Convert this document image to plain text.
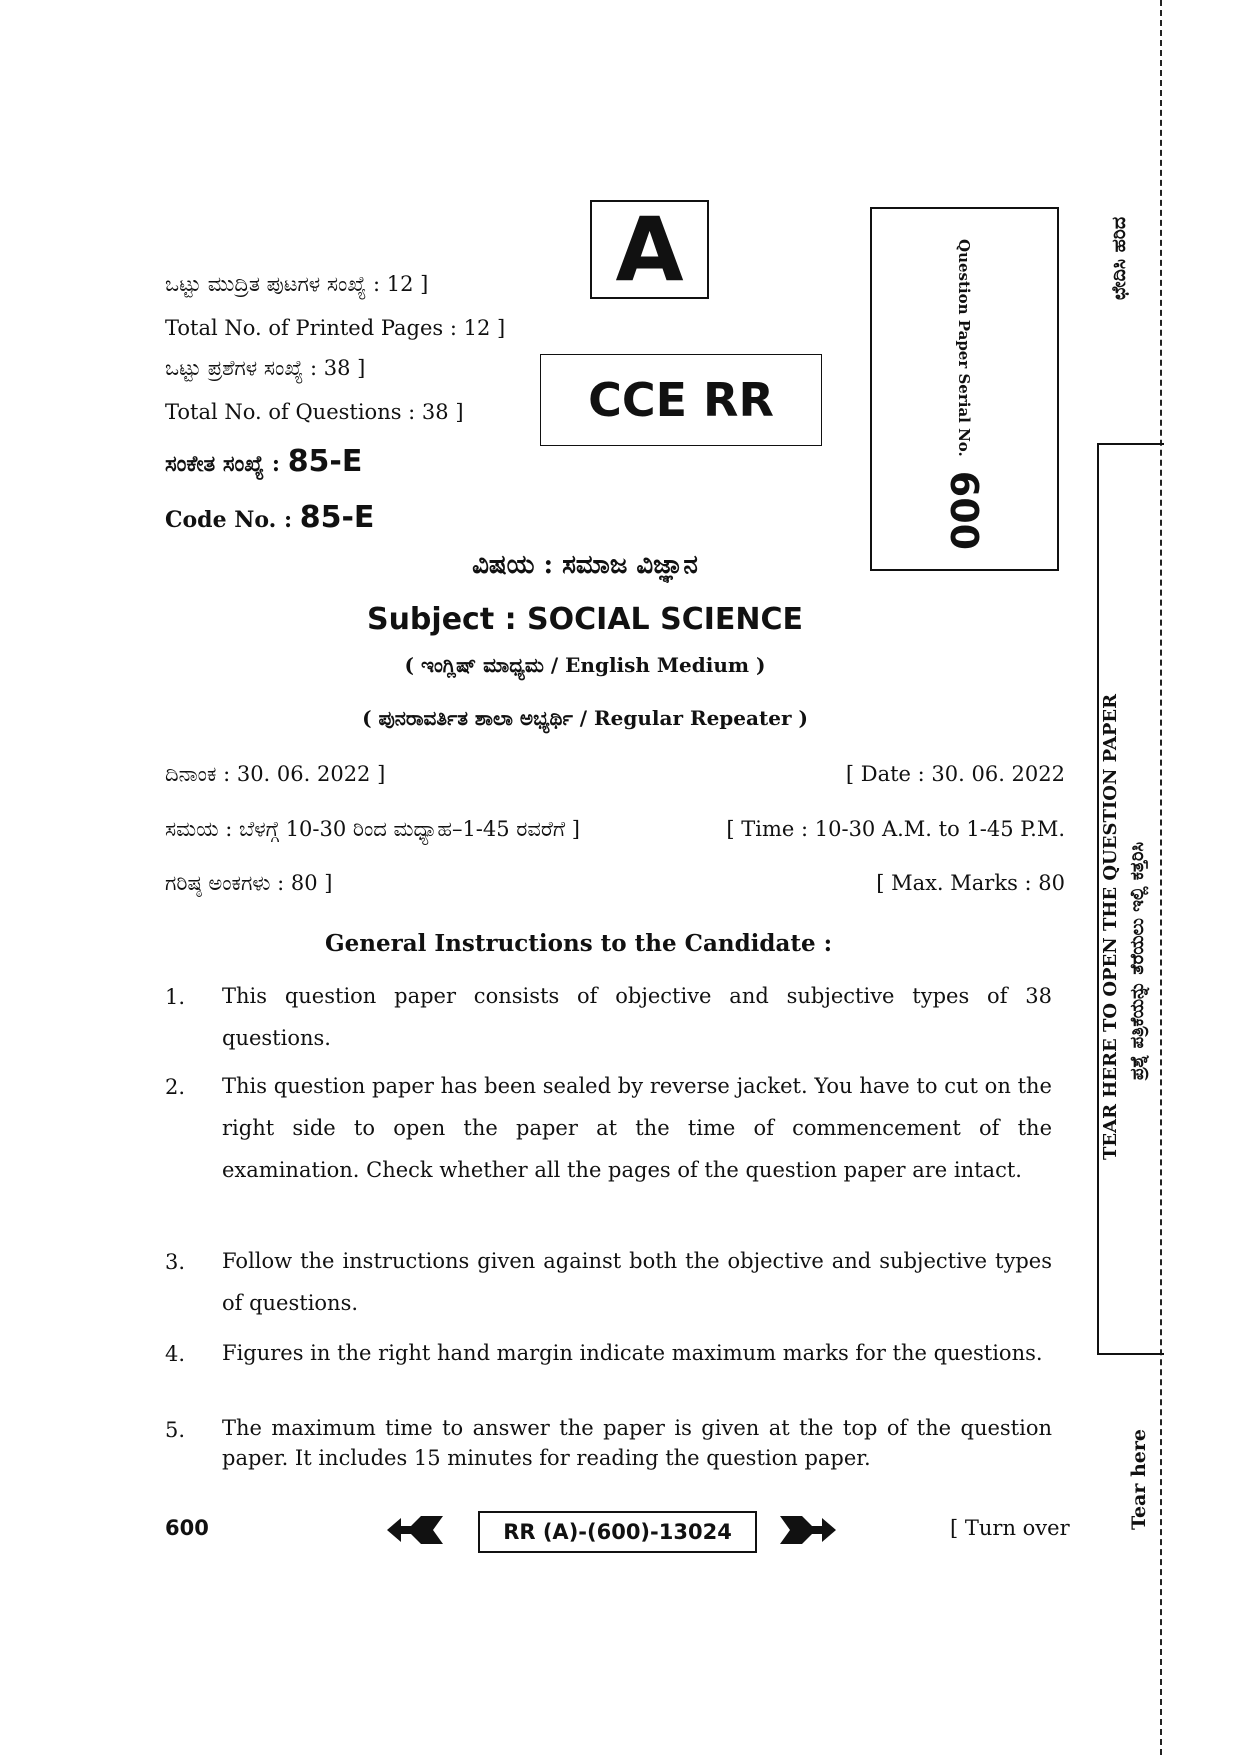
ಒಟ್ಟು ಮುದ್ರಿತ ಪುಟಗಳ ಸಂಖ್ಯೆ : 12 ]
Total No. of Printed Pages : 12 ]
ಒಟ್ಟು ಪ್ರಶೆಗಳ ಸಂಖ್ಯೆ : 38 ]
Total No. of Questions : 38 ]
ಸಂಕೇತ ಸಂಖ್ಯೆ : 85-E
Code No. : 85-E
A
CCE RR	Question Paper Serial No.
600
ವಿಷಯ : ಸಮಾಜ ವಿಜ್ಞಾನ
Subject : SOCIAL SCIENCE
( ಇಂಗ್ಲಿಷ್ ಮಾಧ್ಯಮ / English Medium )
( ಪುನರಾವರ್ತಿತ ಶಾಲಾ ಅಭ್ಯರ್ಥಿ / Regular Repeater )
ದಿನಾಂಕ : 30. 06. 2022 ]	[ Date : 30. 06. 2022
ಸಮಯ : ಬೆಳಗ್ಗೆ 10-30 ರಿಂದ ಮಧ್ಯಾಹ–1-45 ರವರೆಗೆ ]	[ Time : 10-30 A.M. to 1-45 P.M.
ಗರಿಷ್ಠ ಅಂಕಗಳು : 80 ]	[ Max. Marks : 80
General Instructions to the Candidate :
1. This question paper consists of objective and subjective types of 38 questions.
2. This question paper has been sealed by reverse jacket. You have to cut on the right side to open the paper at the time of commencement of the examination. Check whether all the pages of the question paper are intact.
3. Follow the instructions given against both the objective and subjective types of questions.
4. Figures in the right hand margin indicate maximum marks for the questions.
5. The maximum time to answer the paper is given at the top of the question paper. It includes 15 minutes for reading the question paper.
600	RR (A)-(600)-13024	[ Turn over
ಛೇದಿಸಿ ಹರಿದ
TEAR HERE TO OPEN THE QUESTION PAPER ಪ್ರಶ್ನೆ ಪತ್ರಿಕೆಯನ್ನು ತೆರೆಯಲು ಇಲ್ಲಿ ಕತ್ತರಿಸಿ
Tear here
